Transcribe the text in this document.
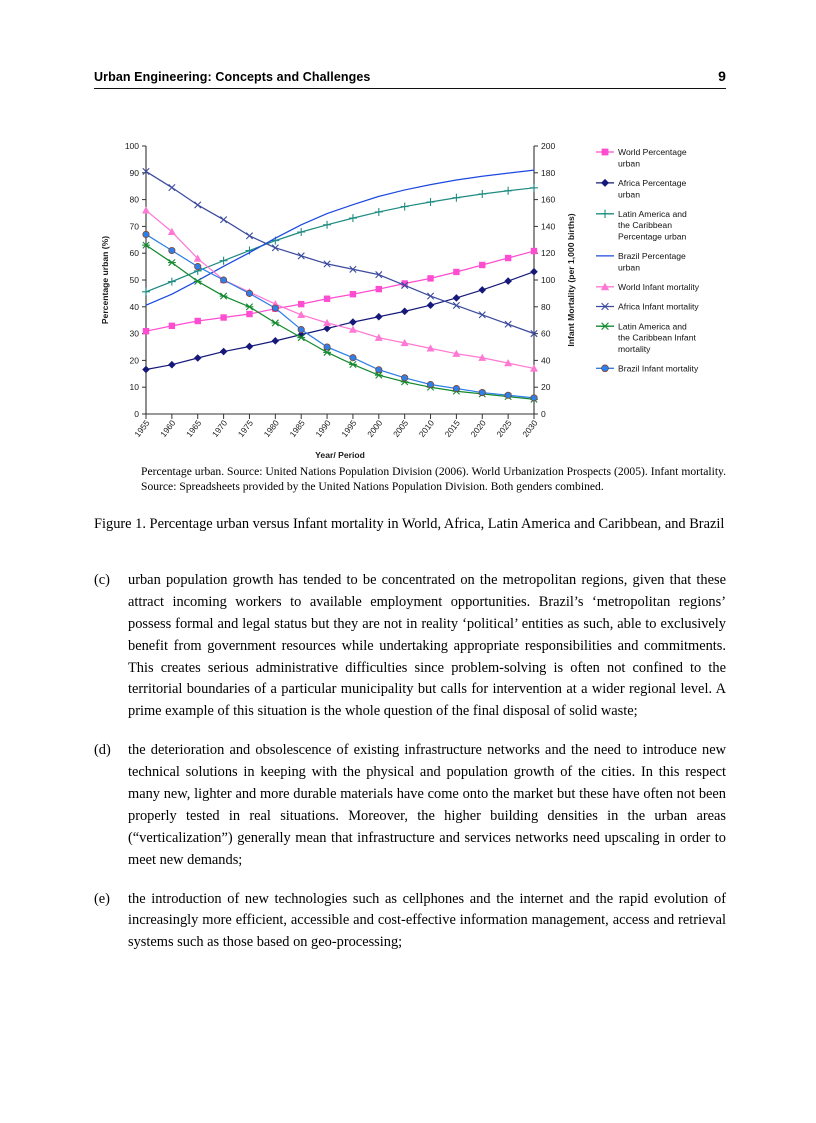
Urban Engineering: Concepts and Challenges	9
0
10
20
30
40
50
60
70
80
90
100
Percentage urban (%)
0
20
40
60
80
100
120
140
160
180
200
Infant Mortality (per 1,000 births)
1955 1960 1965 1970 1975 1980 1985 1990 1995 2000 2005 2010 2015 2020 2025 2030
Year/ Period
World Percentage
urban
Africa Percentage
urban
Latin America and
the Caribbean
Percentage urban
Brazil Percentage
urban
World Infant mortality
Africa Infant mortality
Latin America and
the Caribbean Infant
mortality
Brazil Infant mortality
Percentage urban. Source: United Nations Population Division (2006). World Urbanization Prospects (2005). Infant mortality. Source: Spreadsheets provided by the United Nations Population Division. Both genders combined.
Figure 1. Percentage urban versus Infant mortality in World, Africa, Latin America and Caribbean, and Brazil
(c)	urban population growth has tended to be concentrated on the metropolitan regions, given that these attract incoming workers to available employment opportunities. Brazil’s ‘metropolitan regions’ possess formal and legal status but they are not in reality ‘political’ entities as such, able to exclusively benefit from government resources while undertaking appropriate responsibilities and commitments. This creates serious administrative difficulties since problem-solving is often not confined to the territorial boundaries of a particular municipality but calls for intervention at a wider regional level. A prime example of this situation is the whole question of the final disposal of solid waste;
(d)	the deterioration and obsolescence of existing infrastructure networks and the need to introduce new technical solutions in keeping with the physical and population growth of the cities. In this respect many new, lighter and more durable materials have come onto the market but these have often not been properly tested in real situations. Moreover, the higher building densities in the urban areas (“verticalization”) generally mean that infrastructure and services networks need upscaling in order to meet new demands;
(e)	the introduction of new technologies such as cellphones and the internet and the rapid evolution of increasingly more efficient, accessible and cost-effective information management, access and retrieval systems such as those based on geo-processing;
